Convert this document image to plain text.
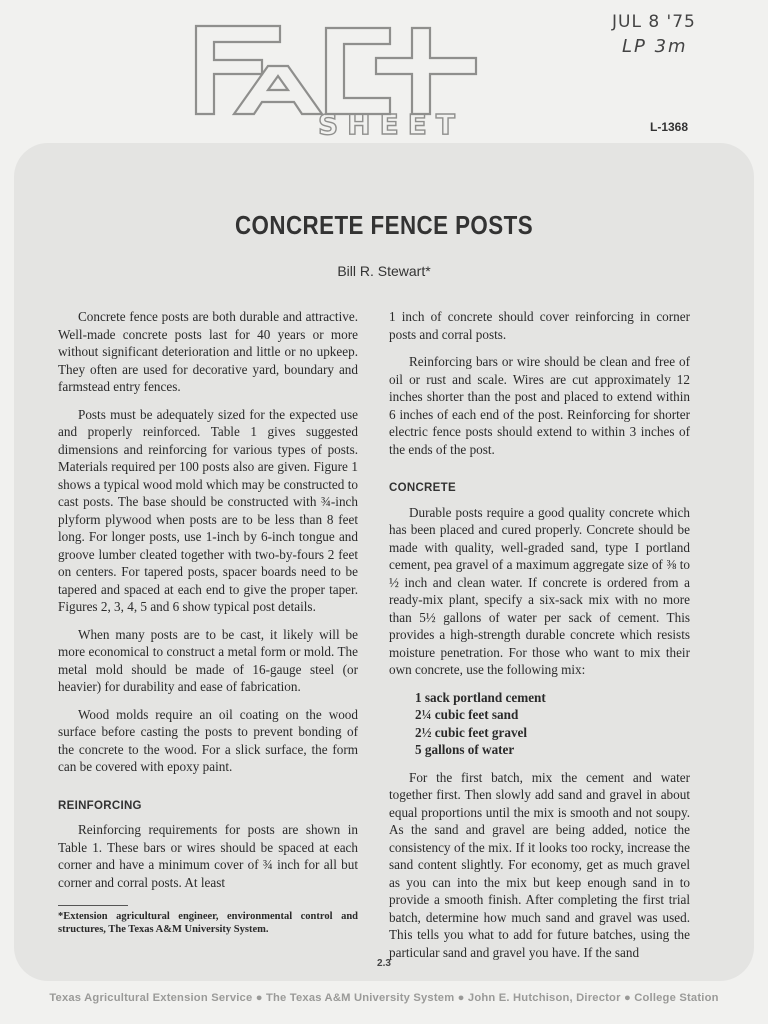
SHEET
JUL 8 '75
LP 3m
L-1368
CONCRETE FENCE POSTS
Bill R. Stewart*

Concrete fence posts are both durable and attractive. Well-made concrete posts last for 40 years or more without significant deterioration and little or no upkeep. They often are used for decorative yard, boundary and farmstead entry fences.

Posts must be adequately sized for the expected use and properly reinforced. Table 1 gives suggested dimensions and reinforcing for various types of posts. Materials required per 100 posts also are given. Figure 1 shows a typical wood mold which may be constructed to cast posts. The base should be constructed with ¾-inch plyform plywood when posts are to be less than 8 feet long. For longer posts, use 1-inch by 6-inch tongue and groove lumber cleated together with two-by-fours 2 feet on centers. For tapered posts, spacer boards need to be tapered and spaced at each end to give the proper taper. Figures 2, 3, 4, 5 and 6 show typical post details.

When many posts are to be cast, it likely will be more economical to construct a metal form or mold. The metal mold should be made of 16-gauge steel (or heavier) for durability and ease of fabrication.

Wood molds require an oil coating on the wood surface before casting the posts to prevent bonding of the concrete to the wood. For a slick surface, the form can be covered with epoxy paint.

REINFORCING

Reinforcing requirements for posts are shown in Table 1. These bars or wires should be spaced at each corner and have a minimum cover of ¾ inch for all but corner and corral posts. At least

*Extension agricultural engineer, environmental control and structures, The Texas A&M University System.

1 inch of concrete should cover reinforcing in corner posts and corral posts.

Reinforcing bars or wire should be clean and free of oil or rust and scale. Wires are cut approximately 12 inches shorter than the post and placed to extend within 6 inches of each end of the post. Reinforcing for shorter electric fence posts should extend to within 3 inches of the ends of the post.

CONCRETE

Durable posts require a good quality concrete which has been placed and cured properly. Concrete should be made with quality, well-graded sand, type I portland cement, pea gravel of a maximum aggregate size of ⅜ to ½ inch and clean water. If concrete is ordered from a ready-mix plant, specify a six-sack mix with no more than 5½ gallons of water per sack of cement. This provides a high-strength durable concrete which resists moisture penetration. For those who want to mix their own concrete, use the following mix:

1 sack portland cement
2¼ cubic feet sand
2½ cubic feet gravel
5 gallons of water

For the first batch, mix the cement and water together first. Then slowly add sand and gravel in about equal proportions until the mix is smooth and not soupy. As the sand and gravel are being added, notice the consistency of the mix. If it looks too rocky, increase the sand content slightly. For economy, get as much gravel as you can into the mix but keep enough sand in to provide a smooth finish. After completing the first trial batch, determine how much sand and gravel was used. This tells you what to add for future batches, using the particular sand and gravel you have. If the sand

2.3
Texas Agricultural Extension Service ● The Texas A&M University System ● John E. Hutchison, Director ● College Station
